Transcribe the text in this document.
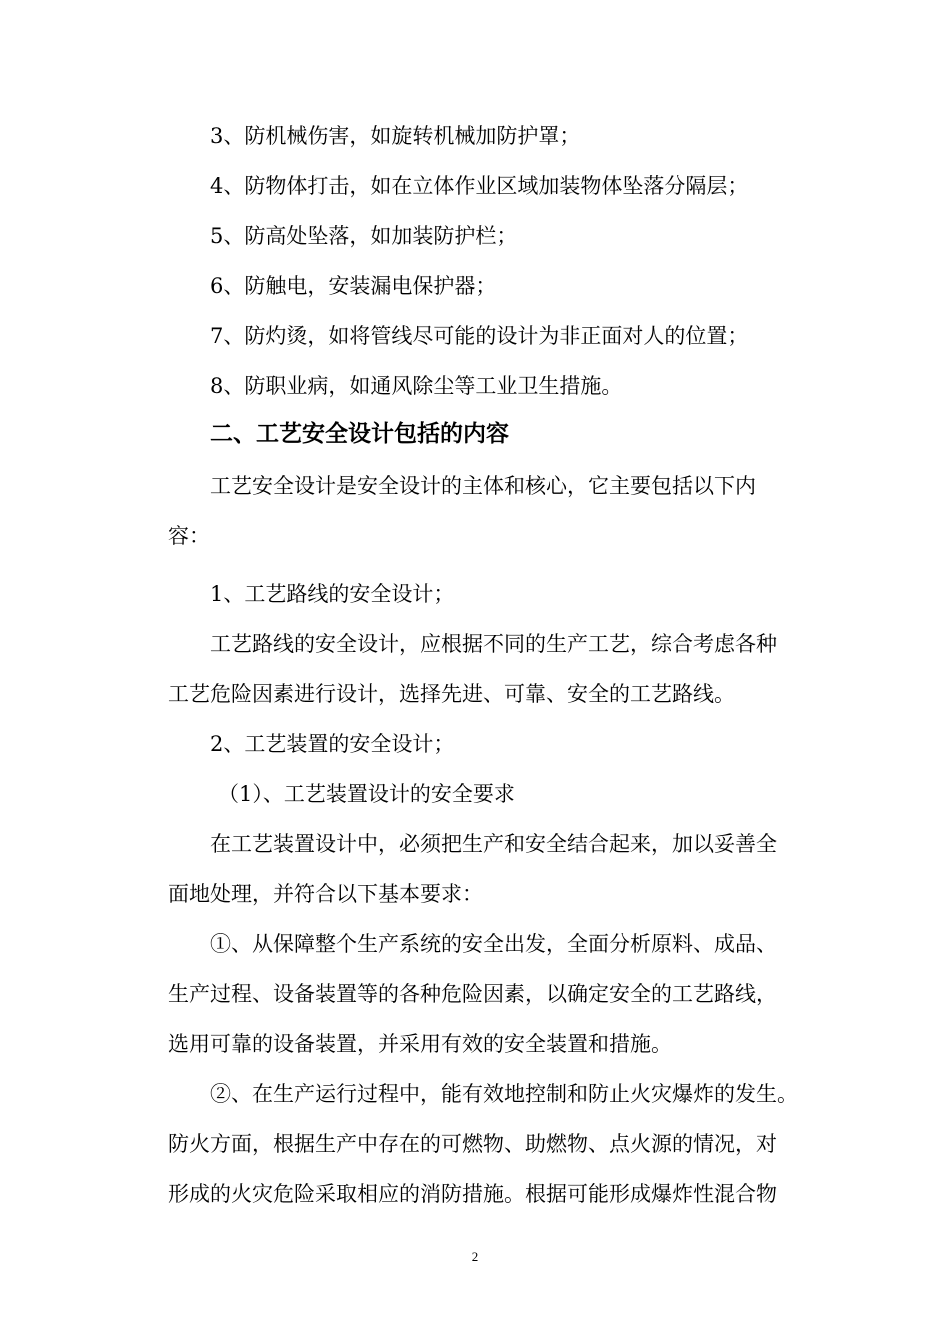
3、防机械伤害，如旋转机械加防护罩；
4、防物体打击，如在立体作业区域加装物体坠落分隔层；
5、防高处坠落，如加装防护栏；
6、防触电，安装漏电保护器；
7、防灼烫，如将管线尽可能的设计为非正面对人的位置；
8、防职业病，如通风除尘等工业卫生措施。
二、工艺安全设计包括的内容
工艺安全设计是安全设计的主体和核心，它主要包括以下内
容：
1、工艺路线的安全设计；
工艺路线的安全设计，应根据不同的生产工艺，综合考虑各种
工艺危险因素进行设计，选择先进、可靠、安全的工艺路线。
2、工艺装置的安全设计；
（1）、工艺装置设计的安全要求
在工艺装置设计中，必须把生产和安全结合起来，加以妥善全
面地处理，并符合以下基本要求：
①、从保障整个生产系统的安全出发，全面分析原料、成品、
生产过程、设备装置等的各种危险因素，以确定安全的工艺路线，
选用可靠的设备装置，并采用有效的安全装置和措施。
②、在生产运行过程中，能有效地控制和防止火灾爆炸的发生。
防火方面，根据生产中存在的可燃物、助燃物、点火源的情况，对
形成的火灾危险采取相应的消防措施。根据可能形成爆炸性混合物
2
